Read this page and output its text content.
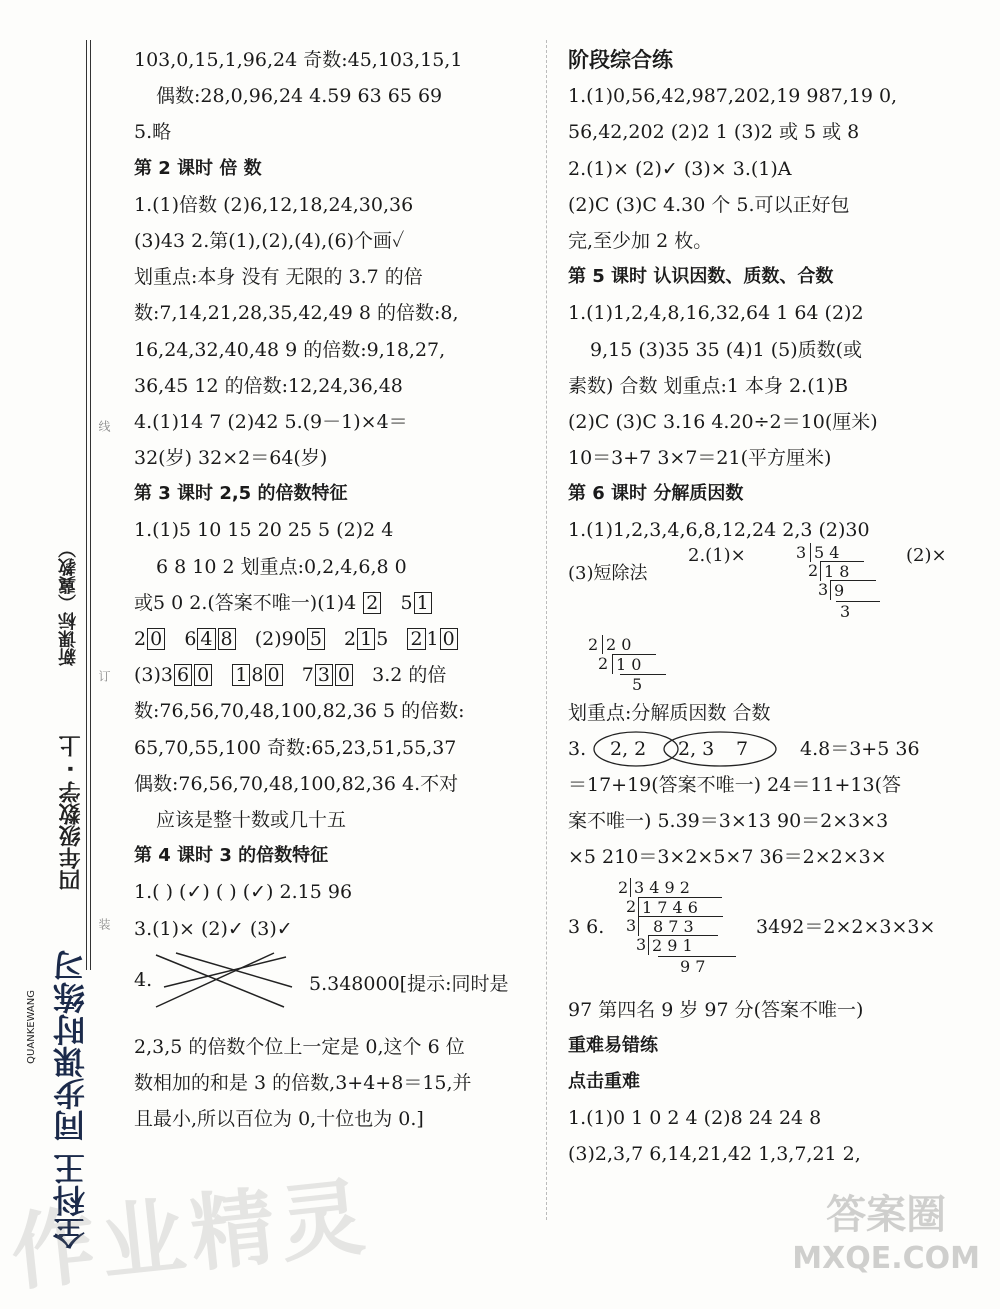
四年级数学 · 上
新课标（冀教）
线
订
装
全科王 同步课时练习
QUANKEWANG
103,0,15,1,96,24 奇数:45,103,15,1
偶数:28,0,96,24 4.59 63 65 69
5.略
第 2 课时 倍 数
1.(1)倍数 (2)6,12,18,24,30,36
(3)43 2.第(1),(2),(4),(6)个画✓
划重点:本身 没有 无限的 3.7 的倍
数:7,14,21,28,35,42,49 8 的倍数:8,
16,24,32,40,48 9 的倍数:9,18,27,
36,45 12 的倍数:12,24,36,48
4.(1)14 7 (2)42 5.(9－1)×4＝
32(岁) 32×2＝64(岁)
第 3 课时 2,5 的倍数特征
1.(1)5 10 15 20 25 5 (2)2 4
6 8 10 2 划重点:0,2,4,6,8 0
或5 0 2.(答案不唯一)(1)4 2 5 1
2 0 6 4 8 (2)90 5 2 1 5 2 1 0
(3)3 6 0 1 8 0 7 3 0 3.2 的倍
数:76,56,70,48,100,82,36 5 的倍数:
65,70,55,100 奇数:65,23,51,55,37
偶数:76,56,70,48,100,82,36 4.不对
应该是整十数或几十五
第 4 课时 3 的倍数特征
1.( ) (✓) ( ) (✓) 2.15 96
3.(1)× (2)✓ (3)✓
4.	5.348000[提示:同时是
2,3,5 的倍数个位上一定是 0,这个 6 位
数相加的和是 3 的倍数,3+4+8＝15,并
且最小,所以百位为 0,十位也为 0.]
阶段综合练
1.(1)0,56,42,987,202,19 987,19 0,
56,42,202 (2)2 1 (3)2 或 5 或 8
2.(1)× (2)✓ (3)× 3.(1)A
(2)C (3)C 4.30 个 5.可以正好包
完,至少加 2 枚。
第 5 课时 认识因数、质数、合数
1.(1)1,2,4,8,16,32,64 1 64 (2)2
9,15 (3)35 35 (4)1 (5)质数(或
素数) 合数 划重点:1 本身 2.(1)B
(2)C (3)C 3.16 4.20÷2＝10(厘米)
10＝3+7 3×7＝21(平方厘米)
第 6 课时 分解质因数
1.(1)1,2,3,4,6,8,12,24 2,3 (2)30
(3)短除法
2.(1)×	(2)×
3 5 4
2 1 8
3 9
3
2 2 0
2 1 0
5
划重点:分解质因数 合数
3. 2, 2 2, 3 7	4.8＝3+5 36
＝17+19(答案不唯一) 24＝11+13(答
案不唯一) 5.39＝3×13 90＝2×3×3
×5 210＝3×2×5×7 36＝2×2×3×
3 6.
2 3 4 9 2
2 1 7 4 6
3	8 7 3
3 2 9 1
9 7
3492＝2×2×3×3×
97 第四名 9 岁 97 分(答案不唯一)
重难易错练
点击重难
1.(1)0 1 0 2 4 (2)8 24 24 8
(3)2,3,7 6,14,21,42 1,3,7,21 2,
作业精灵	答案圈
MXQE.COM
